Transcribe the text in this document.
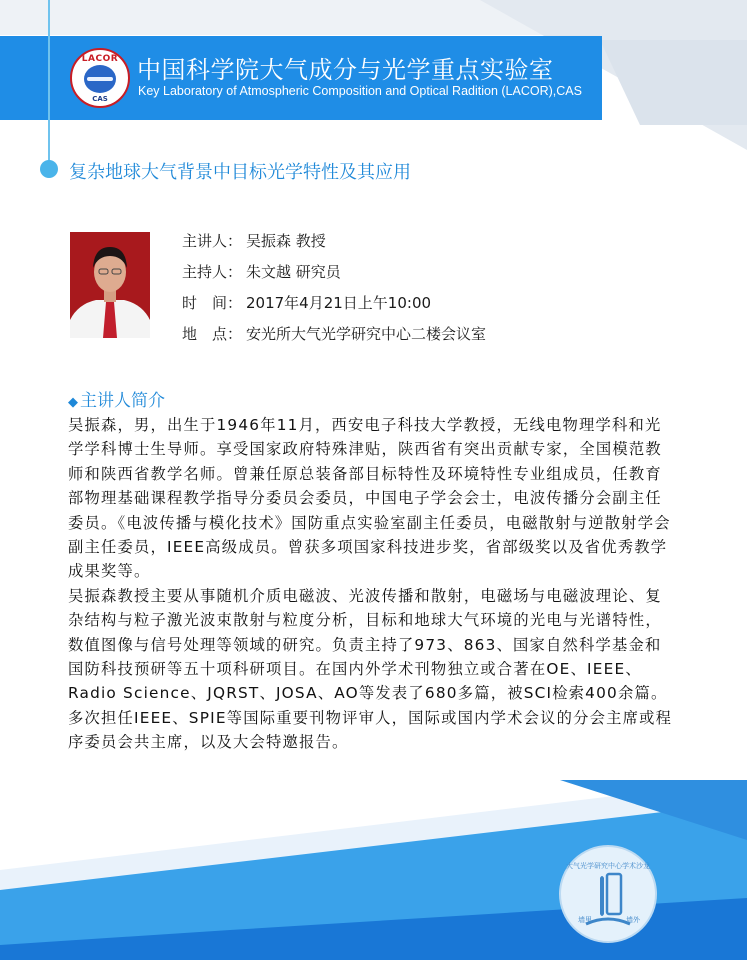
LACOR
CAS
中国科学院大气成分与光学重点实验室
Key Laboratory of Atmospheric Composition and Optical Radition (LACOR),CAS
复杂地球大气背景中目标光学特性及其应用
主讲人： 吴振森 教授
主持人： 朱文越 研究员
时　间： 2017年4月21日上午10:00
地　点： 安光所大气光学研究中心二楼会议室
◆ 主讲人简介

吴振森，男，出生于1946年11月，西安电子科技大学教授，无线电物理学科和光学学科博士生导师。享受国家政府特殊津贴，陕西省有突出贡献专家，全国模范教师和陕西省教学名师。曾兼任原总装备部目标特性及环境特性专业组成员，任教育部物理基础课程教学指导分委员会委员，中国电子学会会士，电波传播分会副主任委员。《电波传播与模化技术》国防重点实验室副主任委员，电磁散射与逆散射学会副主任委员，IEEE高级成员。曾获多项国家科技进步奖，省部级奖以及省优秀教学成果奖等。

吴振森教授主要从事随机介质电磁波、光波传播和散射，电磁场与电磁波理论、复杂结构与粒子激光波束散射与粒度分析，目标和地球大气环境的光电与光谱特性，数值图像与信号处理等领域的研究。负责主持了973、863、国家自然科学基金和国防科技预研等五十项科研项目。在国内外学术刊物独立或合著在OE、IEEE、Radio Science、JQRST、JOSA、AO等发表了680多篇，被SCI检索400余篇。多次担任IEEE、SPIE等国际重要刊物评审人，国际或国内学术会议的分会主席或程序委员会共主席，以及大会特邀报告。

大气光学研究中心学术沙龙
墙里	墙外
